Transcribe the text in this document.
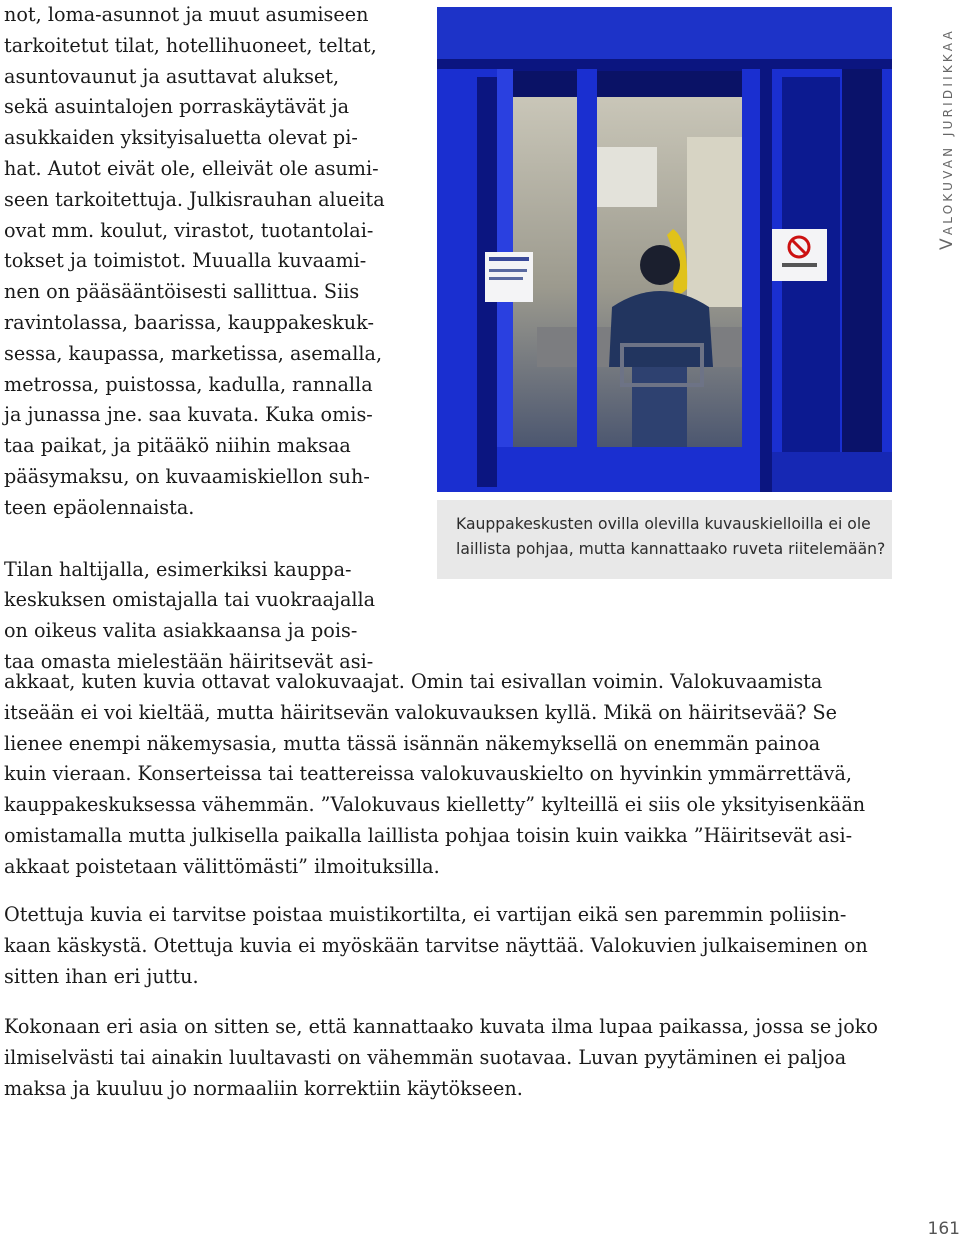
Valokuvan juridiikkaa
not, loma-asunnot ja muut asumiseen
tarkoitetut tilat, hotellihuoneet, teltat,
asuntovaunut ja asuttavat alukset,
sekä asuintalojen porraskäytävät ja
asukkaiden yksityisaluetta olevat pi-
hat. Autot eivät ole, elleivät ole asumi-
seen tarkoitettuja. Julkisrauhan alueita
ovat mm. koulut, virastot, tuotantolai-
tokset ja toimistot. Muualla kuvaami-
nen on pääsääntöisesti sallittua. Siis
ravintolassa, baarissa, kauppakeskuk-
sessa, kaupassa, marketissa, asemalla,
metrossa, puistossa, kadulla, rannalla
ja junassa jne. saa kuvata. Kuka omis-
taa paikat, ja pitääkö niihin maksaa
pääsymaksu, on kuvaamiskiellon suh-
teen epäolennaista.
Tilan haltijalla, esimerkiksi kauppa-
keskuksen omistajalla tai vuokraajalla
on oikeus valita asiakkaansa ja pois-
taa omasta mielestään häiritsevät asi-
Kauppakeskusten ovilla olevilla kuvauskielloilla ei ole
laillista pohjaa, mutta kannattaako ruveta riitelemään?
akkaat, kuten kuvia ottavat valokuvaajat. Omin tai esivallan voimin. Valokuvaamista
itseään ei voi kieltää, mutta häiritsevän valokuvauksen kyllä. Mikä on häiritsevää? Se
lienee enempi näkemysasia, mutta tässä isännän näkemyksellä on enemmän painoa
kuin vieraan. Konserteissa tai teattereissa valokuvauskielto on hyvinkin ymmärrettävä,
kauppakeskuksessa vähemmän. ”Valokuvaus kielletty” kylteillä ei siis ole yksityisenkään
omistamalla mutta julkisella paikalla laillista pohjaa toisin kuin vaikka ”Häiritsevät asi-
akkaat poistetaan välittömästi” ilmoituksilla.
Otettuja kuvia ei tarvitse poistaa muistikortilta, ei vartijan eikä sen paremmin poliisin-
kaan käskystä. Otettuja kuvia ei myöskään tarvitse näyttää. Valokuvien julkaiseminen on
sitten ihan eri juttu.
Kokonaan eri asia on sitten se, että kannattaako kuvata ilma lupaa paikassa, jossa se joko
ilmiselvästi tai ainakin luultavasti on vähemmän suotavaa. Luvan pyytäminen ei paljoa
maksa ja kuuluu jo normaaliin korrektiin käytökseen.
161
